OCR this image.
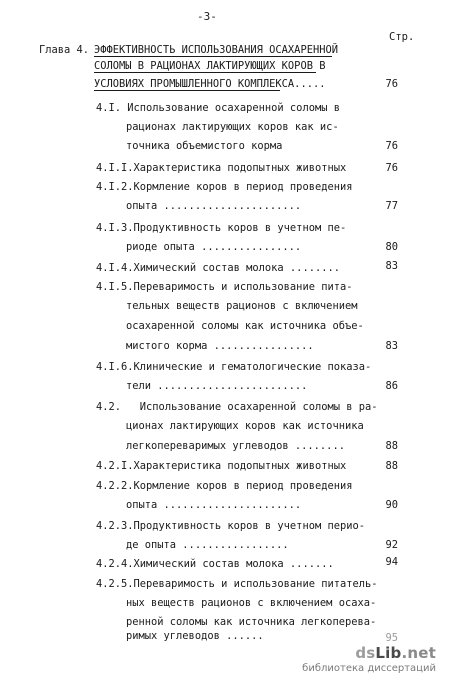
-3-
Стр.
Глава 4. ЭФФЕКТИВНОСТЬ ИСПОЛЬЗОВАНИЯ ОСАХАРЕННОЙ
СОЛОМЫ В РАЦИОНАХ ЛАКТИРУЮЩИХ КОРОВ В
УСЛОВИЯХ ПРОМЫШЛЕННОГО КОМПЛЕКСА.....	76
4.I. Использование осахаренной соломы в
рационах лактирующих коров как ис-
точника объемистого корма	76
4.I.I.Характеристика подопытных животных	76
4.I.2.Кормление коров в период проведения
опыта ......................	77
4.I.3.Продуктивность коров в учетном пе-
риоде опыта ................	80
4.I.4.Химический состав молока ........	83
4.I.5.Переваримость и использование пита-
тельных веществ рационов с включением
осахаренной соломы как источника объе-
мистого корма ................	83
4.I.6.Клинические и гематологические показа-
тели ........................	86
4.2.   Использование осахаренной соломы в ра-
ционах лактирующих коров как источника
легкопереваримых углеводов ........	88
4.2.I.Характеристика подопытных животных	88
4.2.2.Кормление коров в период проведения
опыта ......................	90
4.2.3.Продуктивность коров в учетном перио-
де опыта .................	92
4.2.4.Химический состав молока .......	94
4.2.5.Переваримость и использование питатель-
ных веществ рационов с включением осаха-
ренной соломы как источника легкоперева-
римых углеводов ......	95
dsLib.net
библиотека диссертаций
